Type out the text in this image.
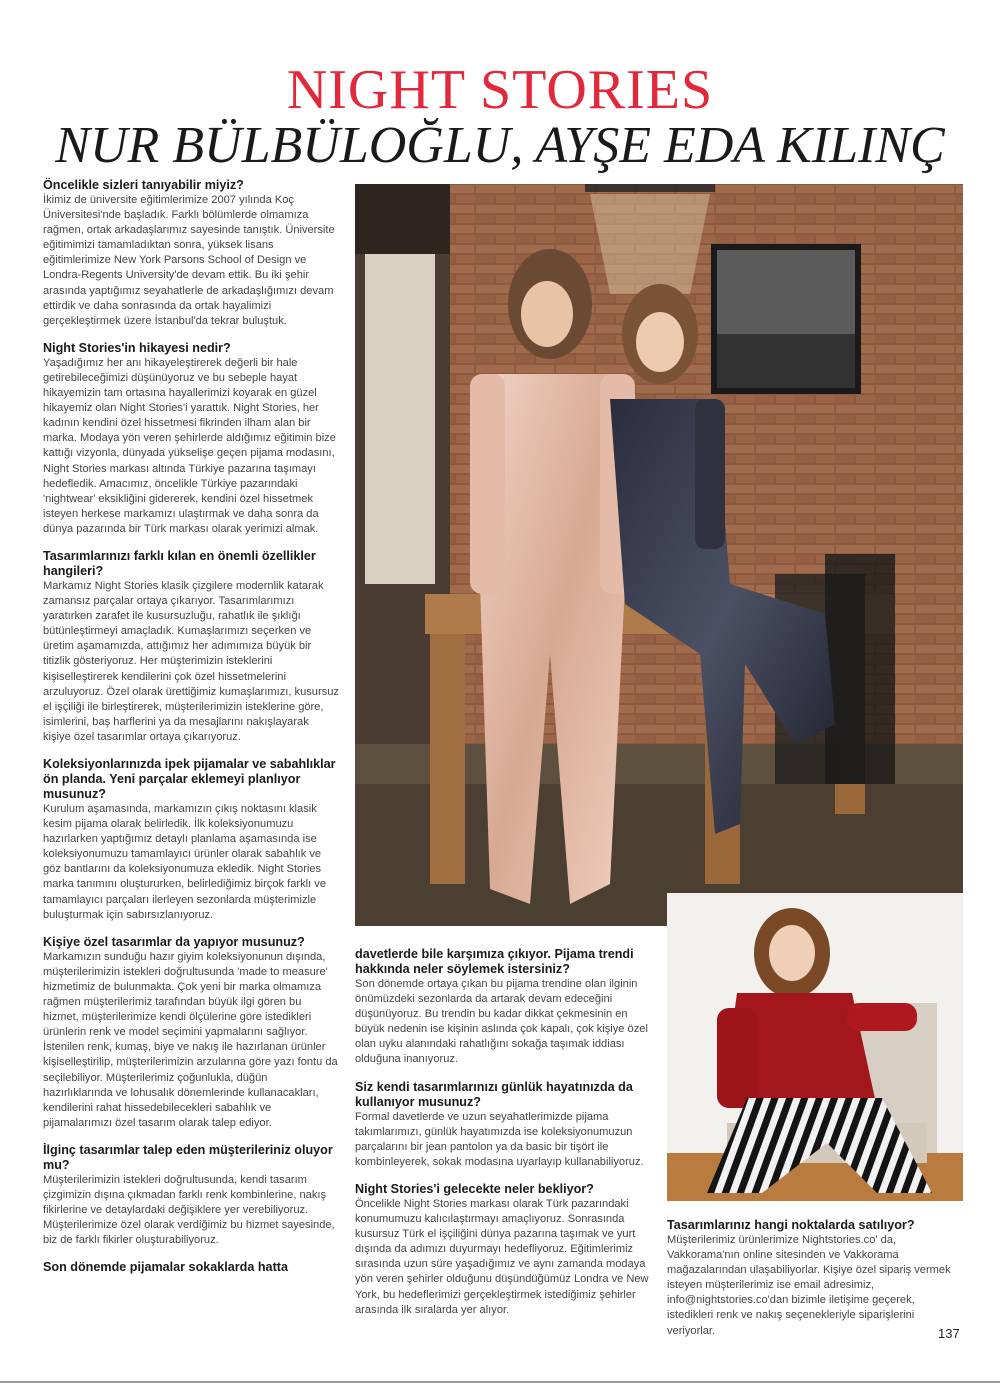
NIGHT STORIES
NUR BÜLBÜLOĞLU, AYŞE EDA KILINÇ

Öncelikle sizleri tanıyabilir miyiz?

İkimiz de üniversite eğitimlerimize 2007 yılında Koç Üniversitesi'nde başladık. Farklı bölümlerde olmamıza rağmen, ortak arkadaşlarımız sayesinde tanıştık. Üniversite eğitimimizi tamamladıktan sonra, yüksek lisans eğitimlerimize New York Parsons School of Design ve Londra-Regents University'de devam ettik. Bu iki şehir arasında yaptığımız seyahatlerle de arkadaşlığımızı devam ettirdik ve daha sonrasında da ortak hayalimizi gerçekleştirmek üzere İstanbul'da tekrar buluştuk.

Night Stories'in hikayesi nedir?

Yaşadığımız her anı hikayeleştirerek değerli bir hale getirebileceğimizi düşünüyoruz ve bu sebeple hayat hikayemizin tam ortasına hayallerimizi koyarak en güzel hikayemiz olan Night Stories'i yarattık. Night Stories, her kadının kendini özel hissetmesi fikrinden ilham alan bir marka. Modaya yön veren şehirlerde aldığımız eğitimin bize kattığı vizyonla, dünyada yükselişe geçen pijama modasını, Night Stories markası altında Türkiye pazarına taşımayı hedefledik. Amacımız, öncelikle Türkiye pazarındaki 'nightwear' eksikliğini gidererek, kendini özel hissetmek isteyen herkese markamızı ulaştırmak ve daha sonra da dünya pazarında bir Türk markası olarak yerimizi almak.

Tasarımlarınızı farklı kılan en önemli özellikler hangileri?

Markamız Night Stories klasik çizgilere modernlik katarak zamansız parçalar ortaya çıkarıyor. Tasarımlarımızı yaratırken zarafet ile kusursuzluğu, rahatlık ile şıklığı bütünleştirmeyi amaçladık. Kumaşlarımızı seçerken ve üretim aşamamızda, attığımız her adımımıza büyük bir titizlik gösteriyoruz. Her müşterimizin isteklerini kişiselleştirerek kendilerini çok özel hissetmelerini arzuluyoruz. Özel olarak ürettiğimiz kumaşlarımızı, kusursuz el işçiliği ile birleştirerek, müşterilerimizin isteklerine göre, isimlerini, baş harflerini ya da mesajlarını nakışlayarak kişiye özel tasarımlar ortaya çıkarıyoruz.

Koleksiyonlarınızda ipek pijamalar ve sabahlıklar ön planda. Yeni parçalar eklemeyi planlıyor musunuz?

Kurulum aşamasında, markamızın çıkış noktasını klasik kesim pijama olarak belirledik. İlk koleksiyonumuzu hazırlarken yaptığımız detaylı planlama aşamasında ise koleksiyonumuzu tamamlayıcı ürünler olarak sabahlık ve göz bantlarını da koleksiyonumuza ekledik. Night Stories marka tanımını oluştururken, belirlediğimiz birçok farklı ve tamamlayıcı parçaları ilerleyen sezonlarda müşterimizle buluşturmak için sabırsızlanıyoruz.

Kişiye özel tasarımlar da yapıyor musunuz?

Markamızın sunduğu hazır giyim koleksiyonunun dışında, müşterilerimizin istekleri doğrultusunda 'made to measure' hizmetimiz de bulunmakta. Çok yeni bir marka olmamıza rağmen müşterilerimiz tarafından büyük ilgi gören bu hizmet, müşterilerimize kendi ölçülerine göre istedikleri ürünlerin renk ve model seçimini yapmalarını sağlıyor. İstenilen renk, kumaş, biye ve nakış ile hazırlanan ürünler kişiselleştirilip, müşterilerimizin arzularına göre yazı fontu da seçilebiliyor. Müşterilerimiz çoğunlukla, düğün hazırlıklarında ve lohusalık dönemlerinde kullanacakları, kendilerini rahat hissedebilecekleri sabahlık ve pijamalarımızı özel tasarım olarak talep ediyor.

İlginç tasarımlar talep eden müşterileriniz oluyor mu?

Müşterilerimizin istekleri doğrultusunda, kendi tasarım çizgimizin dışına çıkmadan farklı renk kombinlerine, nakış fikirlerine ve detaylardaki değişiklere yer verebiliyoruz. Müşterilerimize özel olarak verdiğimiz bu hizmet sayesinde, biz de farklı fikirler oluşturabiliyoruz.

Son dönemde pijamalar sokaklarda hatta

davetlerde bile karşımıza çıkıyor. Pijama trendi hakkında neler söylemek istersiniz?

Son dönemde ortaya çıkan bu pijama trendine olan ilginin önümüzdeki sezonlarda da artarak devam edeceğini düşünüyoruz. Bu trendin bu kadar dikkat çekmesinin en büyük nedenin ise kişinin aslında çok kapalı, çok kişiye özel olan uyku alanındaki rahatlığını sokağa taşımak iddiası olduğuna inanıyoruz.

Siz kendi tasarımlarınızı günlük hayatınızda da kullanıyor musunuz?

Formal davetlerde ve uzun seyahatlerimizde pijama takımlarımızı, günlük hayatımızda ise koleksiyonumuzun parçalarını bir jean pantolon ya da basic bir tişört ile kombinleyerek, sokak modasına uyarlayıp kullanabiliyoruz.

Night Stories'i gelecekte neler bekliyor?

Öncelikle Night Stories markası olarak Türk pazarındaki konumumuzu kalıcılaştırmayı amaçlıyoruz. Sonrasında kusursuz Türk el işçiliğini dünya pazarına taşımak ve yurt dışında da adımızı duyurmayı hedefliyoruz. Eğitimlerimiz sırasında uzun süre yaşadığımız ve aynı zamanda modaya yön veren şehirler olduğunu düşündüğümüz Londra ve New York, bu hedeflerimizi gerçekleştirmek istediğimiz şehirler arasında ilk sıralarda yer alıyor.

Tasarımlarınız hangi noktalarda satılıyor?

Müşterilerimiz ürünlerimize Nightstories.co' da, Vakkorama'nın online sitesinden ve Vakkorama mağazalarından ulaşabiliyorlar. Kişiye özel sipariş vermek isteyen müşterilerimiz ise email adresimiz, info@nightstories.co'dan bizimle iletişime geçerek, istedikleri renk ve nakış seçenekleriyle siparişlerini veriyorlar.	137
